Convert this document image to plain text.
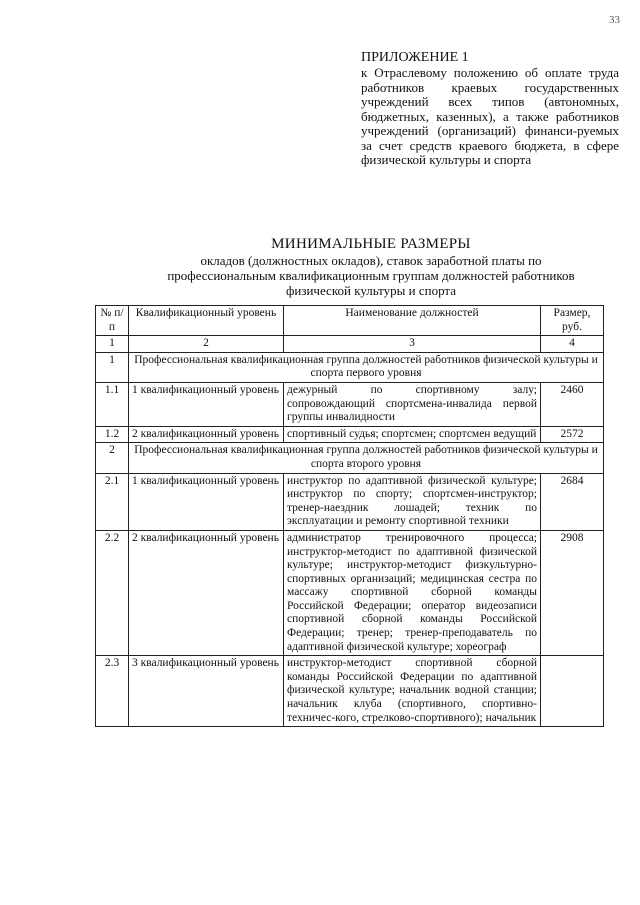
33

ПРИЛОЖЕНИЕ 1

к Отраслевому положению об оплате труда работников краевых государственных учреждений всех типов (автономных, бюджетных, казенных), а также работников учреждений (организаций) финанси-руемых за счет средств краевого бюджета, в сфере физической культуры и спорта

МИНИМАЛЬНЫЕ РАЗМЕРЫ

окладов (должностных окладов), ставок заработной платы по профессиональным квалификационным группам должностей работников физической культуры и спорта

№ п/п	Квалификационный уровень	Наименование должностей	Размер, руб.
1	2	3	4
1	Профессиональная квалификационная группа должностей работников физической культуры и спорта первого уровня		
1.1	1 квалификационный уровень	дежурный по спортивному залу; сопровождающий спортсмена-инвалида первой группы инвалидности	2460
1.2	2 квалификационный уровень	спортивный судья; спортсмен; спортсмен ведущий	2572
2	Профессиональная квалификационная группа должностей работников физической культуры и спорта второго уровня		
2.1	1 квалификационный уровень	инструктор по адаптивной физической культуре; инструктор по спорту; спортсмен-инструктор; тренер-наездник лошадей; техник по эксплуатации и ремонту спортивной техники	2684
2.2	2 квалификационный уровень	администратор тренировочного процесса; инструктор-методист по адаптивной физической культуре; инструктор-методист физкультурно-спортивных организаций; медицинская сестра по массажу спортивной сборной команды Российской Федерации; оператор видеозаписи спортивной сборной команды Российской Федерации; тренер; тренер-преподаватель по адаптивной физической культуре; хореограф	2908
2.3	3 квалификационный уровень	инструктор-методист спортивной сборной команды Российской Федерации по адаптивной физической культуре; начальник водной станции; начальник клуба (спортивного, спортивно-техничес-кого, стрелково-спортивного); начальник	
